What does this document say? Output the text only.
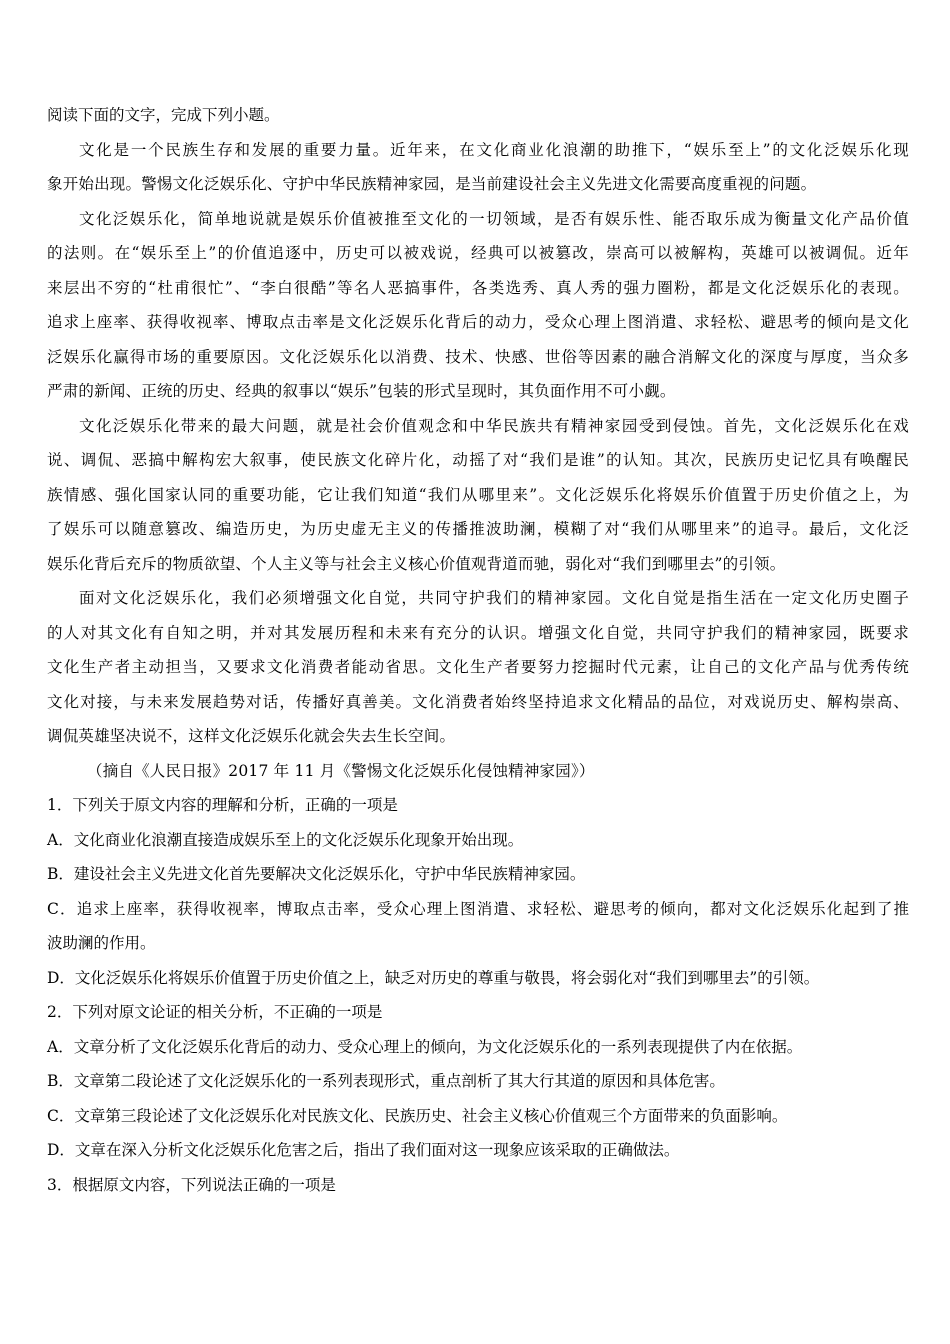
阅读下面的文字，完成下列小题。
文化是一个民族生存和发展的重要力量。近年来，在文化商业化浪潮的助推下，“娱乐至上”的文化泛娱乐化现
象开始出现。警惕文化泛娱乐化、守护中华民族精神家园，是当前建设社会主义先进文化需要高度重视的问题。
文化泛娱乐化，简单地说就是娱乐价值被推至文化的一切领域，是否有娱乐性、能否取乐成为衡量文化产品价值
的法则。在“娱乐至上”的价值追逐中，历史可以被戏说，经典可以被篡改，崇高可以被解构，英雄可以被调侃。近年
来层出不穷的“杜甫很忙”、“李白很酷”等名人恶搞事件，各类选秀、真人秀的强力圈粉，都是文化泛娱乐化的表现。
追求上座率、获得收视率、博取点击率是文化泛娱乐化背后的动力，受众心理上图消遣、求轻松、避思考的倾向是文化
泛娱乐化赢得市场的重要原因。文化泛娱乐化以消费、技术、快感、世俗等因素的融合消解文化的深度与厚度，当众多
严肃的新闻、正统的历史、经典的叙事以“娱乐”包装的形式呈现时，其负面作用不可小觑。
文化泛娱乐化带来的最大问题，就是社会价值观念和中华民族共有精神家园受到侵蚀。首先，文化泛娱乐化在戏
说、调侃、恶搞中解构宏大叙事，使民族文化碎片化，动摇了对“我们是谁”的认知。其次，民族历史记忆具有唤醒民
族情感、强化国家认同的重要功能，它让我们知道“我们从哪里来”。文化泛娱乐化将娱乐价值置于历史价值之上，为
了娱乐可以随意篡改、编造历史，为历史虚无主义的传播推波助澜，模糊了对“我们从哪里来”的追寻。最后，文化泛
娱乐化背后充斥的物质欲望、个人主义等与社会主义核心价值观背道而驰，弱化对“我们到哪里去”的引领。
面对文化泛娱乐化，我们必须增强文化自觉，共同守护我们的精神家园。文化自觉是指生活在一定文化历史圈子
的人对其文化有自知之明，并对其发展历程和未来有充分的认识。增强文化自觉，共同守护我们的精神家园，既要求
文化生产者主动担当，又要求文化消费者能动省思。文化生产者要努力挖掘时代元素，让自己的文化产品与优秀传统
文化对接，与未来发展趋势对话，传播好真善美。文化消费者始终坚持追求文化精品的品位，对戏说历史、解构崇高、
调侃英雄坚决说不，这样文化泛娱乐化就会失去生长空间。
（摘自《人民日报》2017 年 11 月《警惕文化泛娱乐化侵蚀精神家园》）
1．下列关于原文内容的理解和分析，正确的一项是
A．文化商业化浪潮直接造成娱乐至上的文化泛娱乐化现象开始出现。
B．建设社会主义先进文化首先要解决文化泛娱乐化，守护中华民族精神家园。
C．追求上座率，获得收视率，博取点击率，受众心理上图消遣、求轻松、避思考的倾向，都对文化泛娱乐化起到了推
波助澜的作用。
D．文化泛娱乐化将娱乐价值置于历史价值之上，缺乏对历史的尊重与敬畏，将会弱化对“我们到哪里去”的引领。
2．下列对原文论证的相关分析，不正确的一项是
A．文章分析了文化泛娱乐化背后的动力、受众心理上的倾向，为文化泛娱乐化的一系列表现提供了内在依据。
B．文章第二段论述了文化泛娱乐化的一系列表现形式，重点剖析了其大行其道的原因和具体危害。
C．文章第三段论述了文化泛娱乐化对民族文化、民族历史、社会主义核心价值观三个方面带来的负面影响。
D．文章在深入分析文化泛娱乐化危害之后，指出了我们面对这一现象应该采取的正确做法。
3．根据原文内容，下列说法正确的一项是
